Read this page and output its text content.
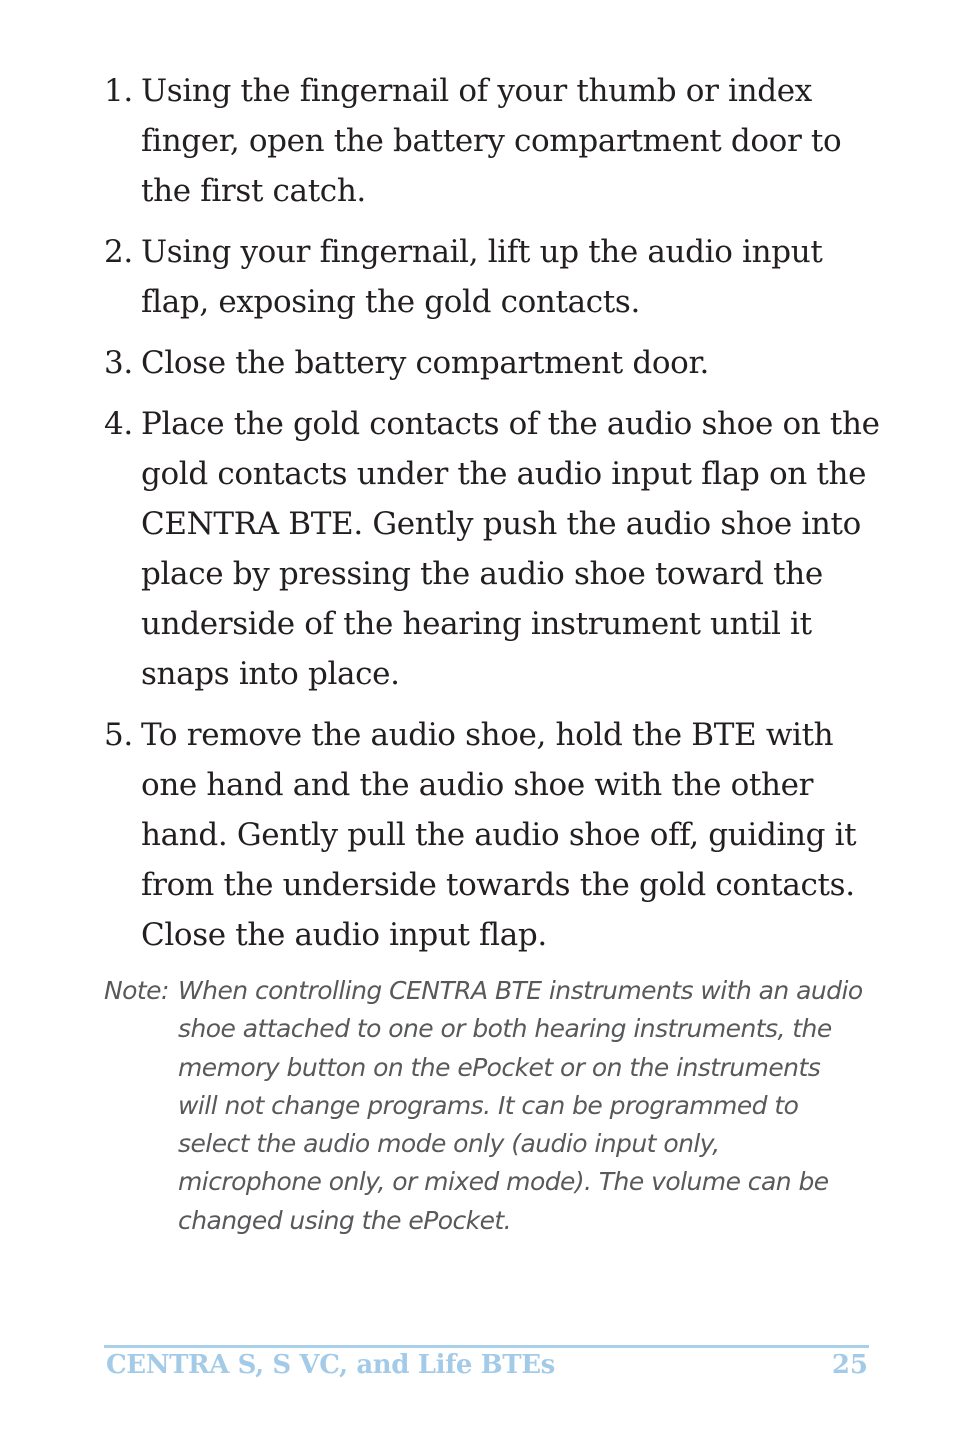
1. Using the fingernail of your thumb or index finger, open the battery compartment door to the first catch.
2. Using your fingernail, lift up the audio input flap, exposing the gold contacts.
3. Close the battery compartment door.
4. Place the gold contacts of the audio shoe on the gold contacts under the audio input flap on the CENTRA BTE. Gently push the audio shoe into place by pressing the audio shoe toward the underside of the hearing instrument until it snaps into place.
5. To remove the audio shoe, hold the BTE with one hand and the audio shoe with the other hand. Gently pull the audio shoe off, guiding it from the underside towards the gold contacts. Close the audio input flap.
Note: When controlling CENTRA BTE instruments with an audio shoe attached to one or both hearing instruments, the memory button on the ePocket or on the instruments will not change programs. It can be programmed to select the audio mode only (audio input only, microphone only, or mixed mode). The volume can be changed using the ePocket.
CENTRA S, S VC, and Life BTEs	25
